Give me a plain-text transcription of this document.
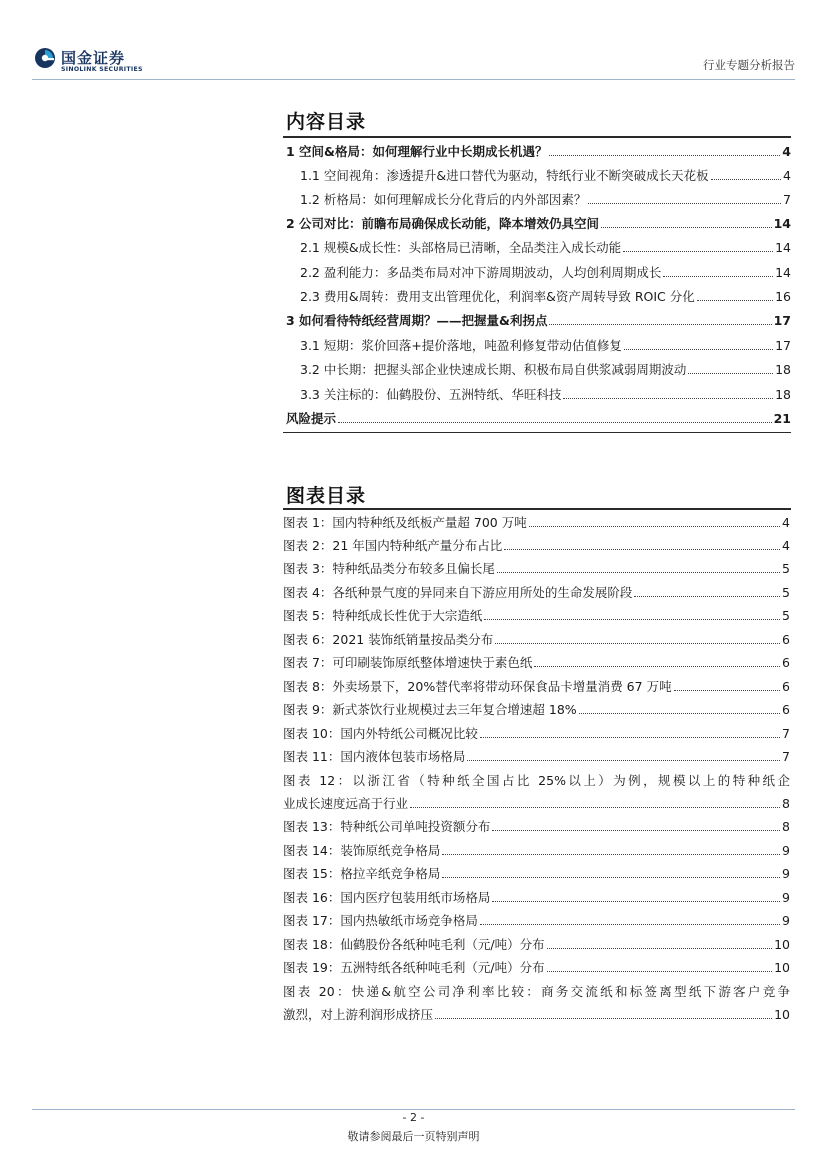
国金证券
SINOLINK SECURITIES	行业专题分析报告
内容目录
1 空间&格局：如何理解行业中长期成长机遇？	4
1.1 空间视角：渗透提升&进口替代为驱动，特纸行业不断突破成长天花板	4
1.2 析格局：如何理解成长分化背后的内外部因素？	7
2 公司对比：前瞻布局确保成长动能，降本增效仍具空间	14
2.1 规模&成长性：头部格局已清晰，全品类注入成长动能	14
2.2 盈利能力：多品类布局对冲下游周期波动，人均创利周期成长	14
2.3 费用&周转：费用支出管理优化，利润率&资产周转导致 ROIC 分化	16
3 如何看待特纸经营周期？——把握量&利拐点	17
3.1 短期：浆价回落+提价落地，吨盈利修复带动估值修复	17
3.2 中长期：把握头部企业快速成长期、积极布局自供浆减弱周期波动	18
3.3 关注标的：仙鹤股份、五洲特纸、华旺科技	18
风险提示	21
图表目录
图表 1：国内特种纸及纸板产量超 700 万吨	4
图表 2：21 年国内特种纸产量分布占比	4
图表 3：特种纸品类分布较多且偏长尾	5
图表 4：各纸种景气度的异同来自下游应用所处的生命发展阶段	5
图表 5：特种纸成长性优于大宗造纸	5
图表 6：2021 装饰纸销量按品类分布	6
图表 7：可印刷装饰原纸整体增速快于素色纸	6
图表 8：外卖场景下，20%替代率将带动环保食品卡增量消费 67 万吨	6
图表 9：新式茶饮行业规模过去三年复合增速超 18%	6
图表 10：国内外特纸公司概况比较	7
图表 11：国内液体包装市场格局	7
图表 12：以浙江省（特种纸全国占比 25%以上）为例，规模以上的特种纸企
业成长速度远高于行业	8
图表 13：特种纸公司单吨投资额分布	8
图表 14：装饰原纸竞争格局	9
图表 15：格拉辛纸竞争格局	9
图表 16：国内医疗包装用纸市场格局	9
图表 17：国内热敏纸市场竞争格局	9
图表 18：仙鹤股份各纸种吨毛利（元/吨）分布	10
图表 19：五洲特纸各纸种吨毛利（元/吨）分布	10
图表 20：快递&航空公司净利率比较：商务交流纸和标签离型纸下游客户竞争
激烈，对上游利润形成挤压	10
- 2 -
敬请参阅最后一页特别声明
